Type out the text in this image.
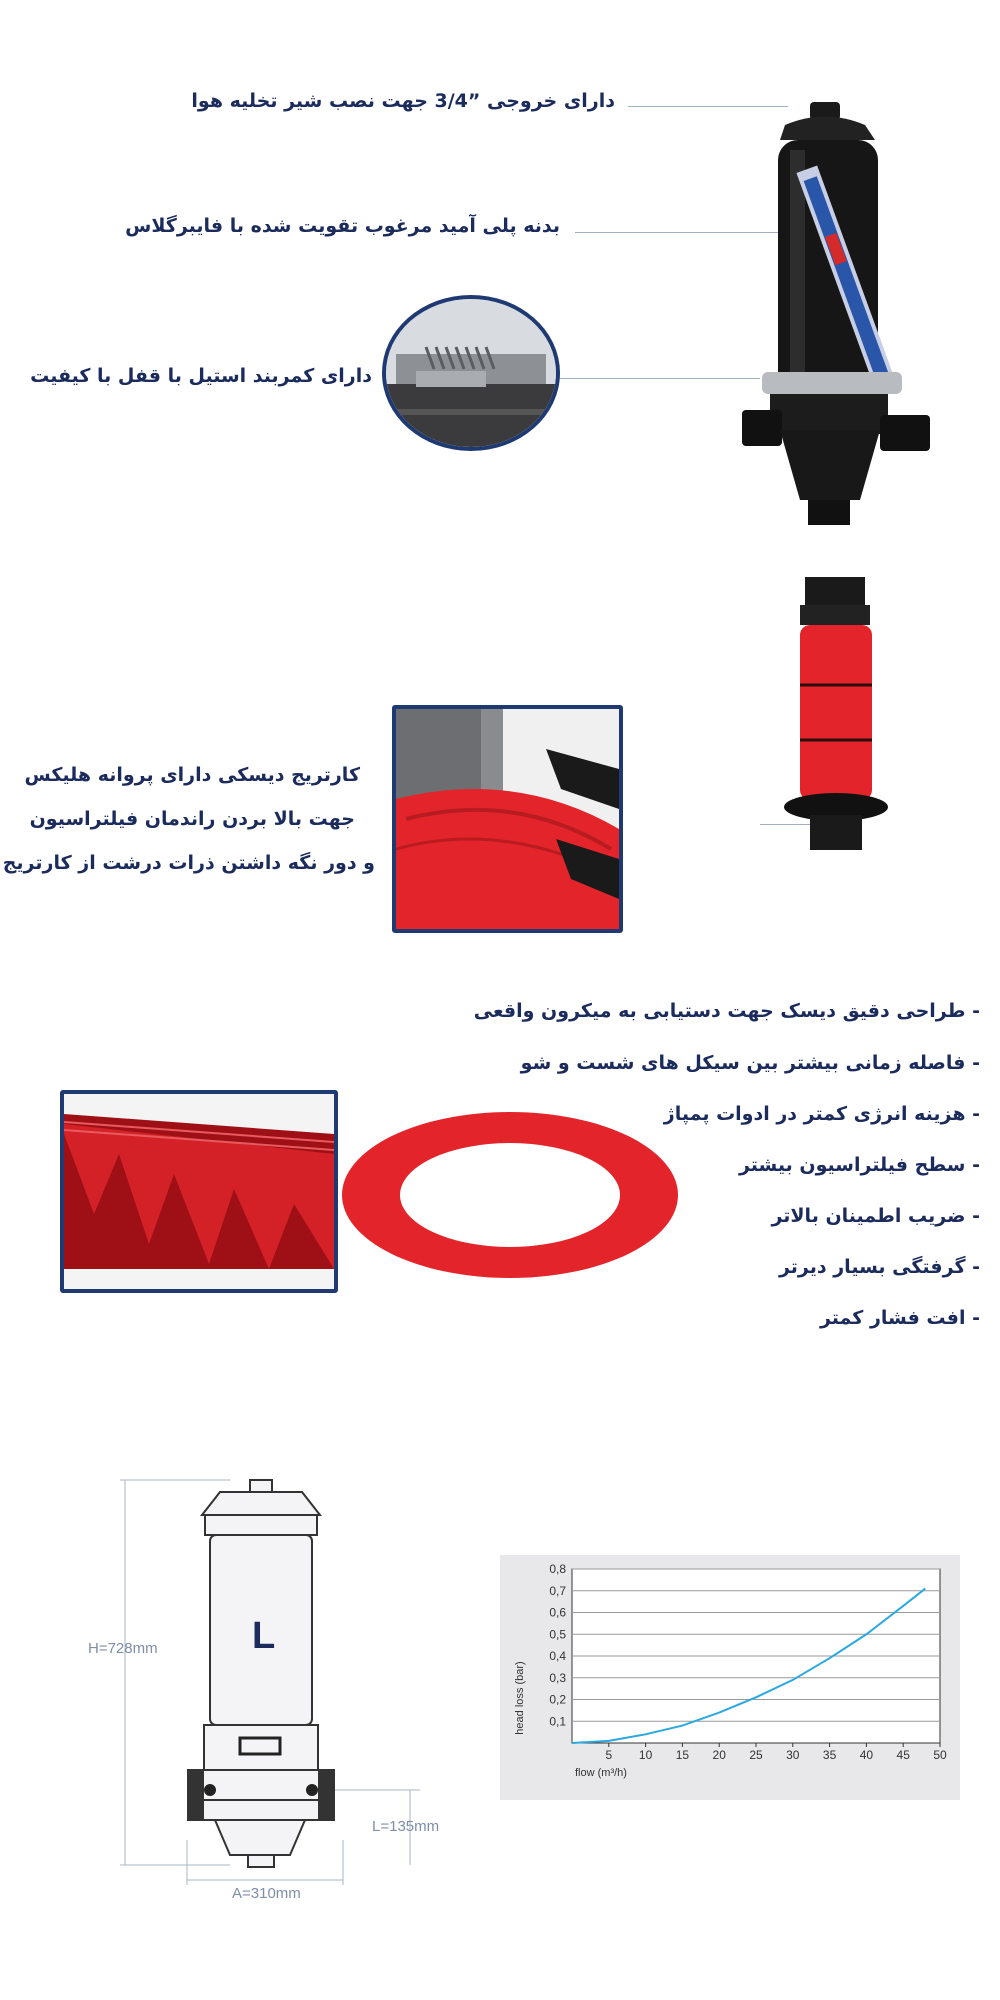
دارای خروجی ”3/4 جهت نصب شیر تخلیه هوا
بدنه پلی آمید مرغوب تقویت شده با فایبرگلاس
دارای کمربند استیل با قفل با کیفیت
کارتریج دیسکی دارای پروانه هلیکس
جهت بالا بردن راندمان فیلتراسیون
و دور نگه داشتن ذرات درشت از کارتریج
- طراحی دقیق دیسک جهت دستیابی به میکرون واقعی
- فاصله زمانی بیشتر بین سیکل های شست و شو
- هزینه انرژی کمتر در ادوات پمپاژ
- سطح فیلتراسیون بیشتر
- ضریب اطمینان بالاتر
- گرفتگی بسیار دیرتر
- افت فشار کمتر
L
H=728mm
L=135mm
A=310mm
0,1
0,2
0,3
0,4
0,5
0,6
0,7
0,8
5 10 15 20 25 30 35 40 45 50
flow (m³/h)
head loss (bar)
